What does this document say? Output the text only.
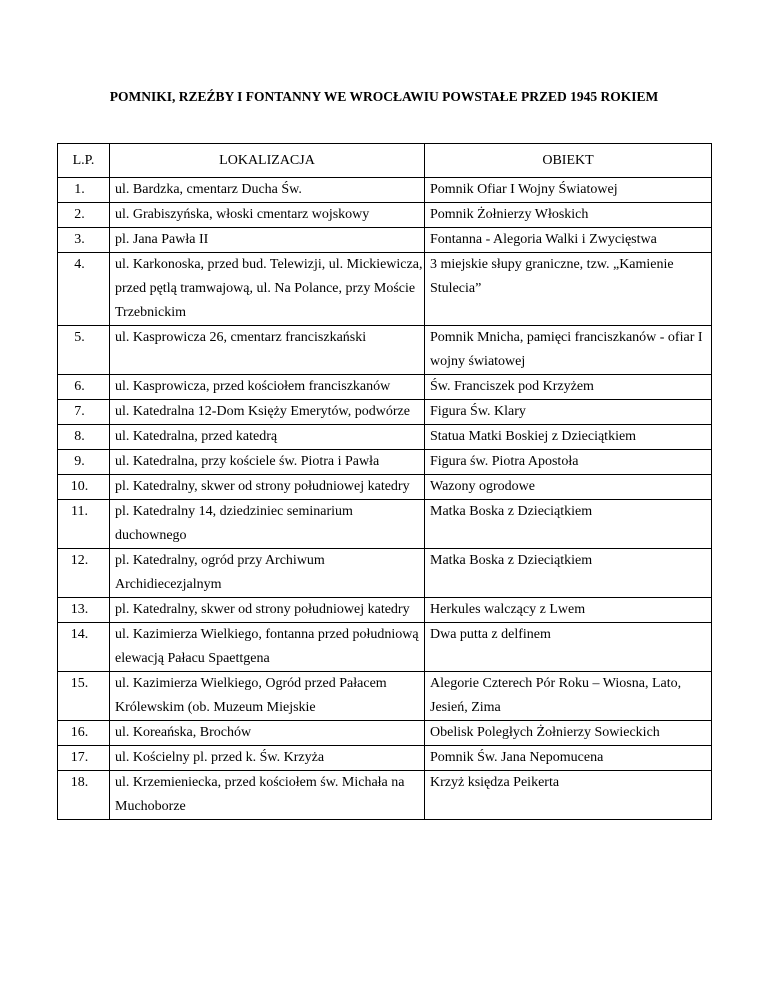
POMNIKI, RZEŹBY I FONTANNY WE WROCŁAWIU POWSTAŁE PRZED 1945 ROKIEM
L.P.	LOKALIZACJA	OBIEKT
1.	ul. Bardzka, cmentarz Ducha Św.	Pomnik Ofiar I Wojny Światowej
2.	ul. Grabiszyńska, włoski cmentarz wojskowy	Pomnik Żołnierzy Włoskich
3.	pl. Jana Pawła II	Fontanna - Alegoria Walki i Zwycięstwa
4.	ul. Karkonoska, przed bud. Telewizji, ul. Mickiewicza, przed pętlą tramwajową, ul. Na Polance, przy Moście Trzebnickim	3 miejskie słupy graniczne, tzw. „Kamienie Stulecia”
5.	ul. Kasprowicza 26, cmentarz franciszkański	Pomnik Mnicha, pamięci franciszkanów - ofiar I wojny światowej
6.	ul. Kasprowicza, przed kościołem franciszkanów	Św. Franciszek pod Krzyżem
7.	ul. Katedralna 12-Dom Księży Emerytów, podwórze	Figura Św. Klary
8.	ul. Katedralna, przed katedrą	Statua Matki Boskiej z Dzieciątkiem
9.	ul. Katedralna, przy kościele św. Piotra i Pawła	Figura św. Piotra Apostoła
10.	pl. Katedralny, skwer od strony południowej katedry	Wazony ogrodowe
11.	pl. Katedralny 14, dziedziniec seminarium duchownego	Matka Boska z Dzieciątkiem
12.	pl. Katedralny, ogród przy Archiwum Archidiecezjalnym	Matka Boska z Dzieciątkiem
13.	pl. Katedralny, skwer od strony południowej katedry	Herkules walczący z Lwem
14.	ul. Kazimierza Wielkiego, fontanna przed południową elewacją Pałacu Spaettgena	Dwa putta z delfinem
15.	ul. Kazimierza Wielkiego, Ogród przed Pałacem Królewskim (ob. Muzeum Miejskie	Alegorie Czterech Pór Roku – Wiosna, Lato, Jesień, Zima
16.	ul. Koreańska, Brochów	Obelisk Poległych Żołnierzy Sowieckich
17.	ul. Kościelny pl. przed k. Św. Krzyża	Pomnik Św. Jana Nepomucena
18.	ul. Krzemieniecka, przed kościołem św. Michała na Muchoborze	Krzyż księdza Peikerta
